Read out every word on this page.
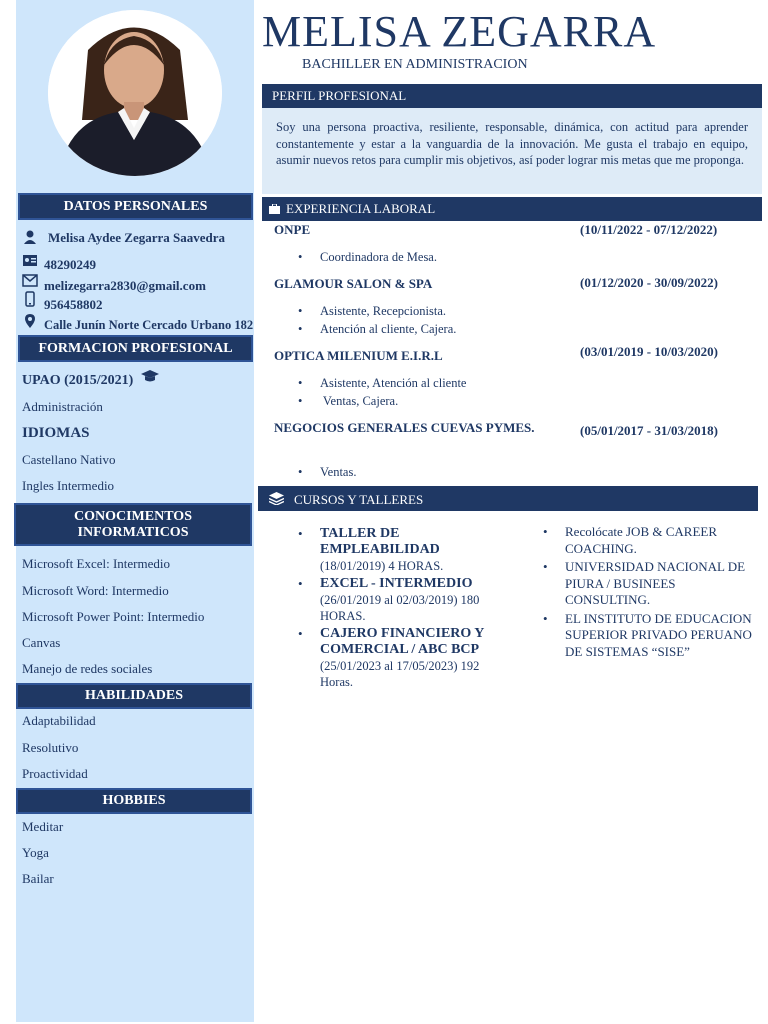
DATOS PERSONALES
Melisa Aydee Zegarra Saavedra
48290249
melizegarra2830@gmail.com
956458802
Calle Junín Norte Cercado Urbano 182
FORMACION PROFESIONAL
UPAO (2015/2021)
Administración
IDIOMAS
Castellano Nativo
Ingles Intermedio
CONOCIMENTOS
INFORMATICOS
Microsoft Excel: Intermedio
Microsoft Word: Intermedio
Microsoft Power Point: Intermedio
Canvas
Manejo de redes sociales
HABILIDADES
Adaptabilidad
Resolutivo
Proactividad
HOBBIES
Meditar
Yoga
Bailar
MELISA ZEGARRA
BACHILLER EN ADMINISTRACION
PERFIL PROFESIONAL
Soy una persona proactiva, resiliente, responsable, dinámica, con actitud para aprender constantemente y estar a la vanguardia de la innovación. Me gusta el trabajo en equipo, asumir nuevos retos para cumplir mis objetivos, así poder lograr mis metas que me proponga.
EXPERIENCIA LABORAL
ONPE	(10/11/2022 - 07/12/2022)
• Coordinadora de Mesa.
GLAMOUR SALON & SPA	(01/12/2020 - 30/09/2022)
• Asistente, Recepcionista.
• Atención al cliente, Cajera.
OPTICA MILENIUM E.I.R.L	(03/01/2019 - 10/03/2020)
• Asistente, Atención al cliente
•  Ventas, Cajera.
NEGOCIOS GENERALES CUEVAS PYMES.	(05/01/2017 - 31/03/2018)
• Ventas.
CURSOS Y TALLERES
• TALLER DE EMPLEABILIDAD
(18/01/2019) 4 HORAS.
• EXCEL - INTERMEDIO
(26/01/2019 al 02/03/2019) 180 HORAS.
• CAJERO FINANCIERO Y COMERCIAL / ABC BCP
(25/01/2023 al 17/05/2023) 192 Horas.
• Recolócate JOB & CAREER COACHING.
• UNIVERSIDAD NACIONAL DE PIURA / BUSINEES CONSULTING.
• EL INSTITUTO DE EDUCACION SUPERIOR PRIVADO PERUANO DE SISTEMAS “SISE”
